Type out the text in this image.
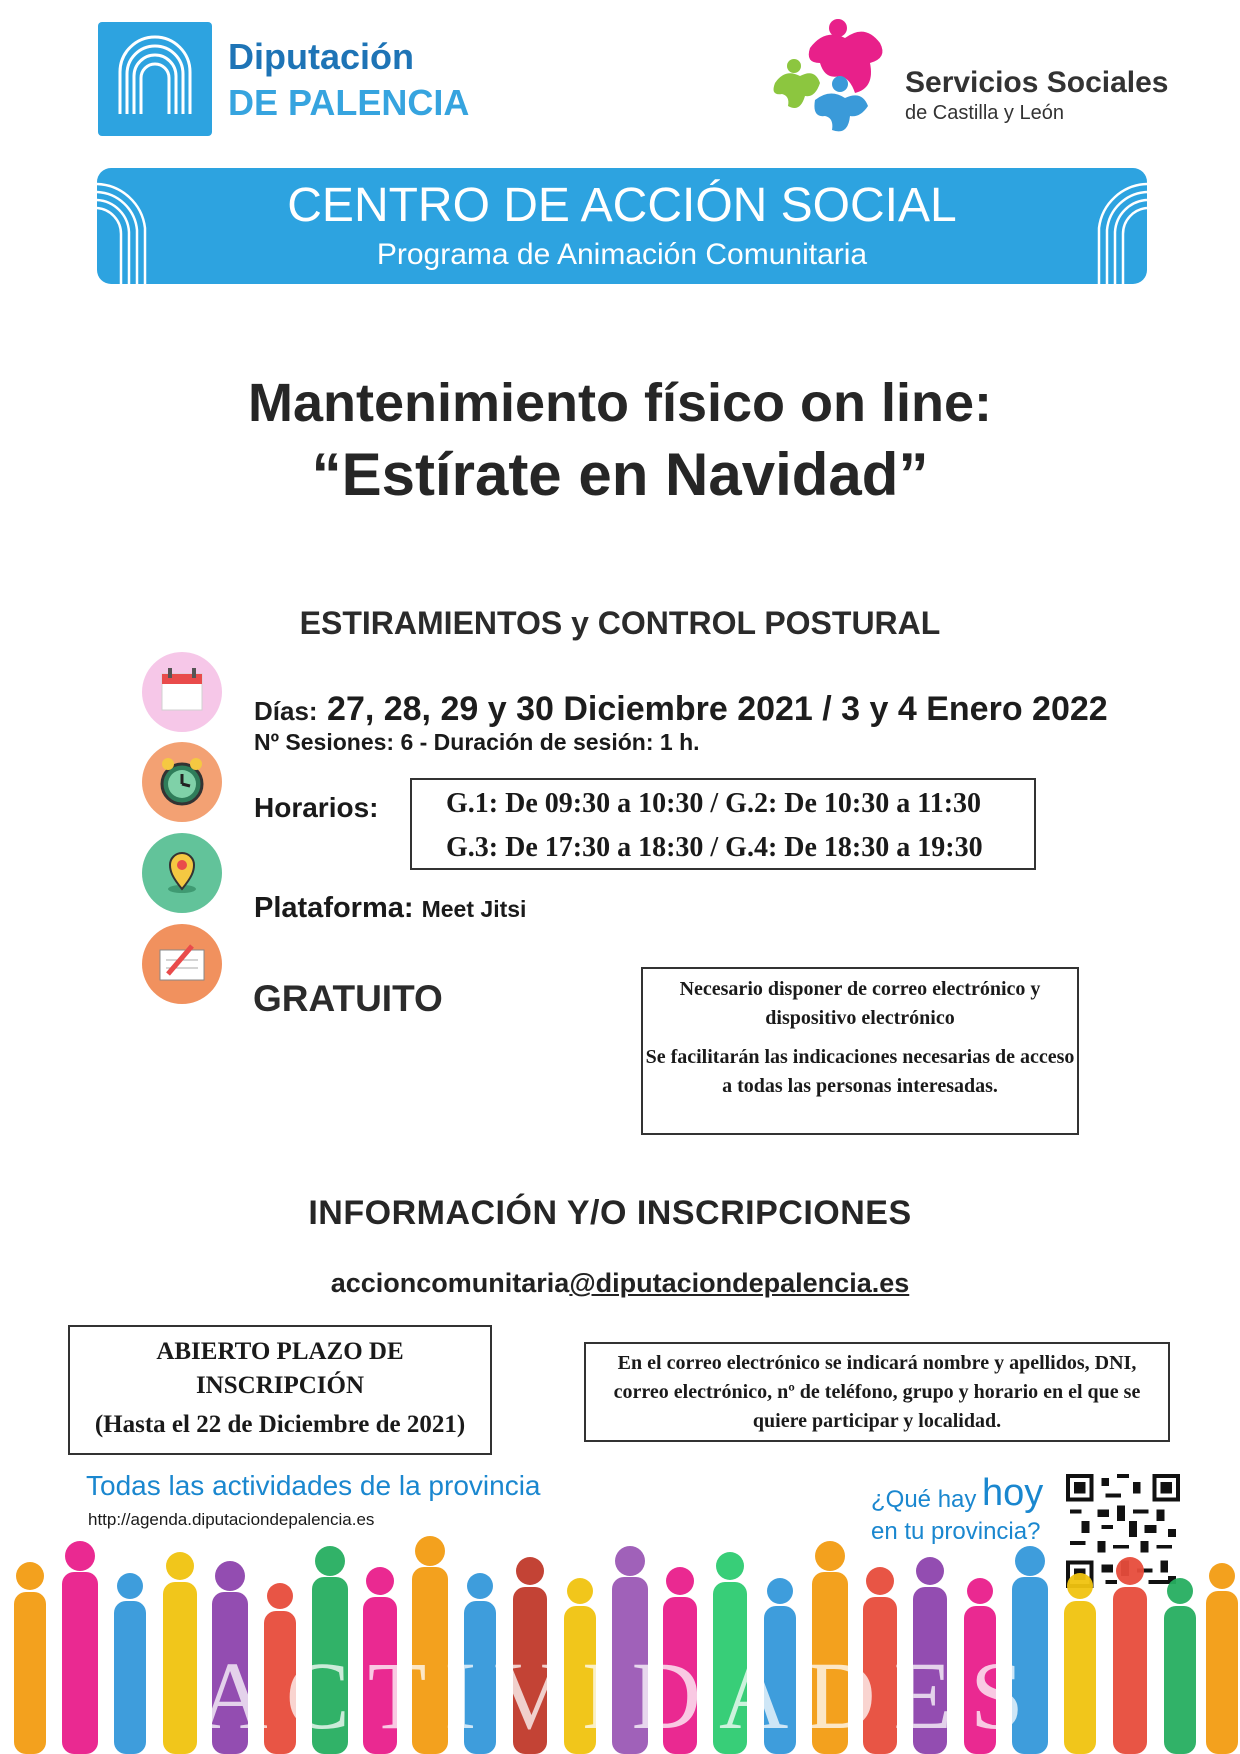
Diputación
DE PALENCIA	Servicios Sociales
de Castilla y León
CENTRO DE ACCIÓN SOCIAL
Programa de Animación Comunitaria
Mantenimiento físico on line:
“Estírate en Navidad”
ESTIRAMIENTOS y CONTROL POSTURAL
Días: 27, 28, 29 y 30 Diciembre 2021 / 3 y 4 Enero 2022
Nº Sesiones: 6 - Duración de sesión: 1 h.
Horarios: G.1: De 09:30 a 10:30 / G.2: De 10:30 a 11:30
G.3: De 17:30 a 18:30 / G.4: De 18:30 a 19:30
Plataforma: Meet Jitsi
GRATUITO	Necesario disponer de correo electrónico y dispositivo electrónico
Se facilitarán las indicaciones necesarias de acceso a todas las personas interesadas.
INFORMACIÓN Y/O INSCRIPCIONES
accioncomunitaria@diputaciondepalencia.es
ABIERTO PLAZO DE INSCRIPCIÓN
(Hasta el 22 de Diciembre de 2021)
En el correo electrónico se indicará nombre y apellidos, DNI, correo electrónico, nº de teléfono, grupo y horario en el que se quiere participar y localidad.
Todas las actividades de la provincia
http://agenda.diputaciondepalencia.es
¿Qué hay hoy
en tu provincia?
ACTIVIDADES
